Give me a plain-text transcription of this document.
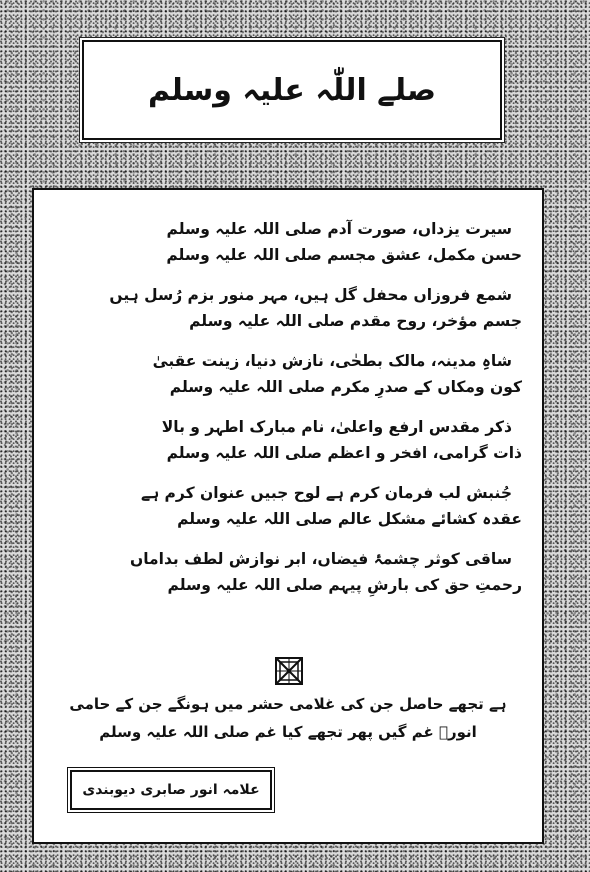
صلے اللّٰہ علیہ وسلم
سیرت یزداں، صورت آدم صلی اللہ علیہ وسلم
حسن مکمل، عشق مجسم صلی اللہ علیہ وسلم
شمع فروزاں محفل گل ہیں، مہر منور بزم رُسل ہیں
جسم مؤخر، روح مقدم صلی اللہ علیہ وسلم
شاہِ مدینہ، مالک بطحٰی، نازش دنیا، زینت عقبیٰ
کون ومکاں کے صدرِ مکرم صلی اللہ علیہ وسلم
ذکر مقدس ارفع واعلیٰ، نام مبارک اطہر و بالا
ذات گرامی، افخر و اعظم صلی اللہ علیہ وسلم
جُنبش لب فرمان کرم ہے لوح جبیں عنوان کرم ہے
عقدہ کشائے مشکل عالم صلی اللہ علیہ وسلم
ساقی کوثر چشمۂ فیضاں، ابر نوازش لطف بداماں
رحمتِ حق کی بارشِ پیہم صلی اللہ علیہ وسلم
ہے تجھے حاصل جن کی غلامی حشر میں ہونگے جن کے حامی
انورؔ غم گیں پھر تجھے کیا غم صلی اللہ علیہ وسلم
علامہ انور صابری دیوبندی
